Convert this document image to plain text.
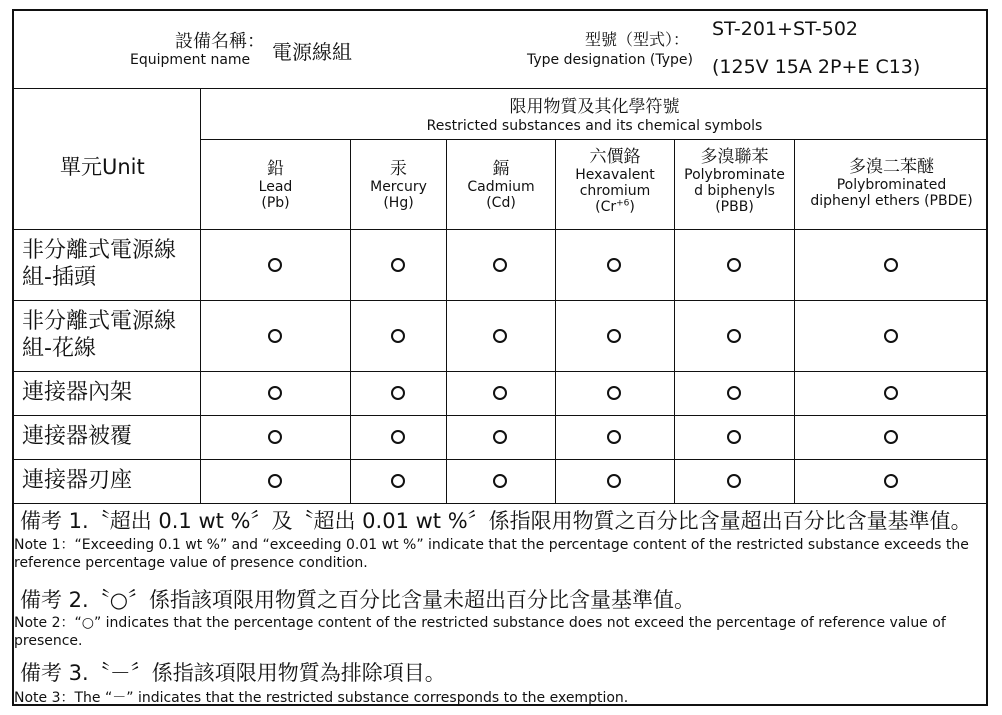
設備名稱：
Equipment name 電源線組
型號（型式）：
Type designation (Type)
ST-201+ST-502
(125V 15A 2P+E C13)
單元Unit
限用物質及其化學符號
Restricted substances and its chemical symbols
鉛
Lead
(Pb)
汞
Mercury
(Hg)
鎘
Cadmium
(Cd)
六價鉻
Hexavalent
chromium
$(Cr^{+6})$
多溴聯苯
Polybrominate
d biphenyls
(PBB)
多溴二苯醚
Polybrominated
diphenyl ethers (PBDE)
非分離式電源線
組-插頭
非分離式電源線
組-花線
連接器內架
連接器被覆
連接器刃座
備考 1.〝超出 0.1 wt %〞及〝超出 0.01 wt %〞係指限用物質之百分比含量超出百分比含量基準值。
Note 1：“Exceeding 0.1 wt %” and “exceeding 0.01 wt %” indicate that the percentage content of the restricted substance exceeds the reference percentage value of presence condition.
備考 2.〝○〞係指該項限用物質之百分比含量未超出百分比含量基準值。
Note 2：“○” indicates that the percentage content of the restricted substance does not exceed the percentage of reference value of presence.
備考 3.〝－〞係指該項限用物質為排除項目。
Note 3：The “－” indicates that the restricted substance corresponds to the exemption.
